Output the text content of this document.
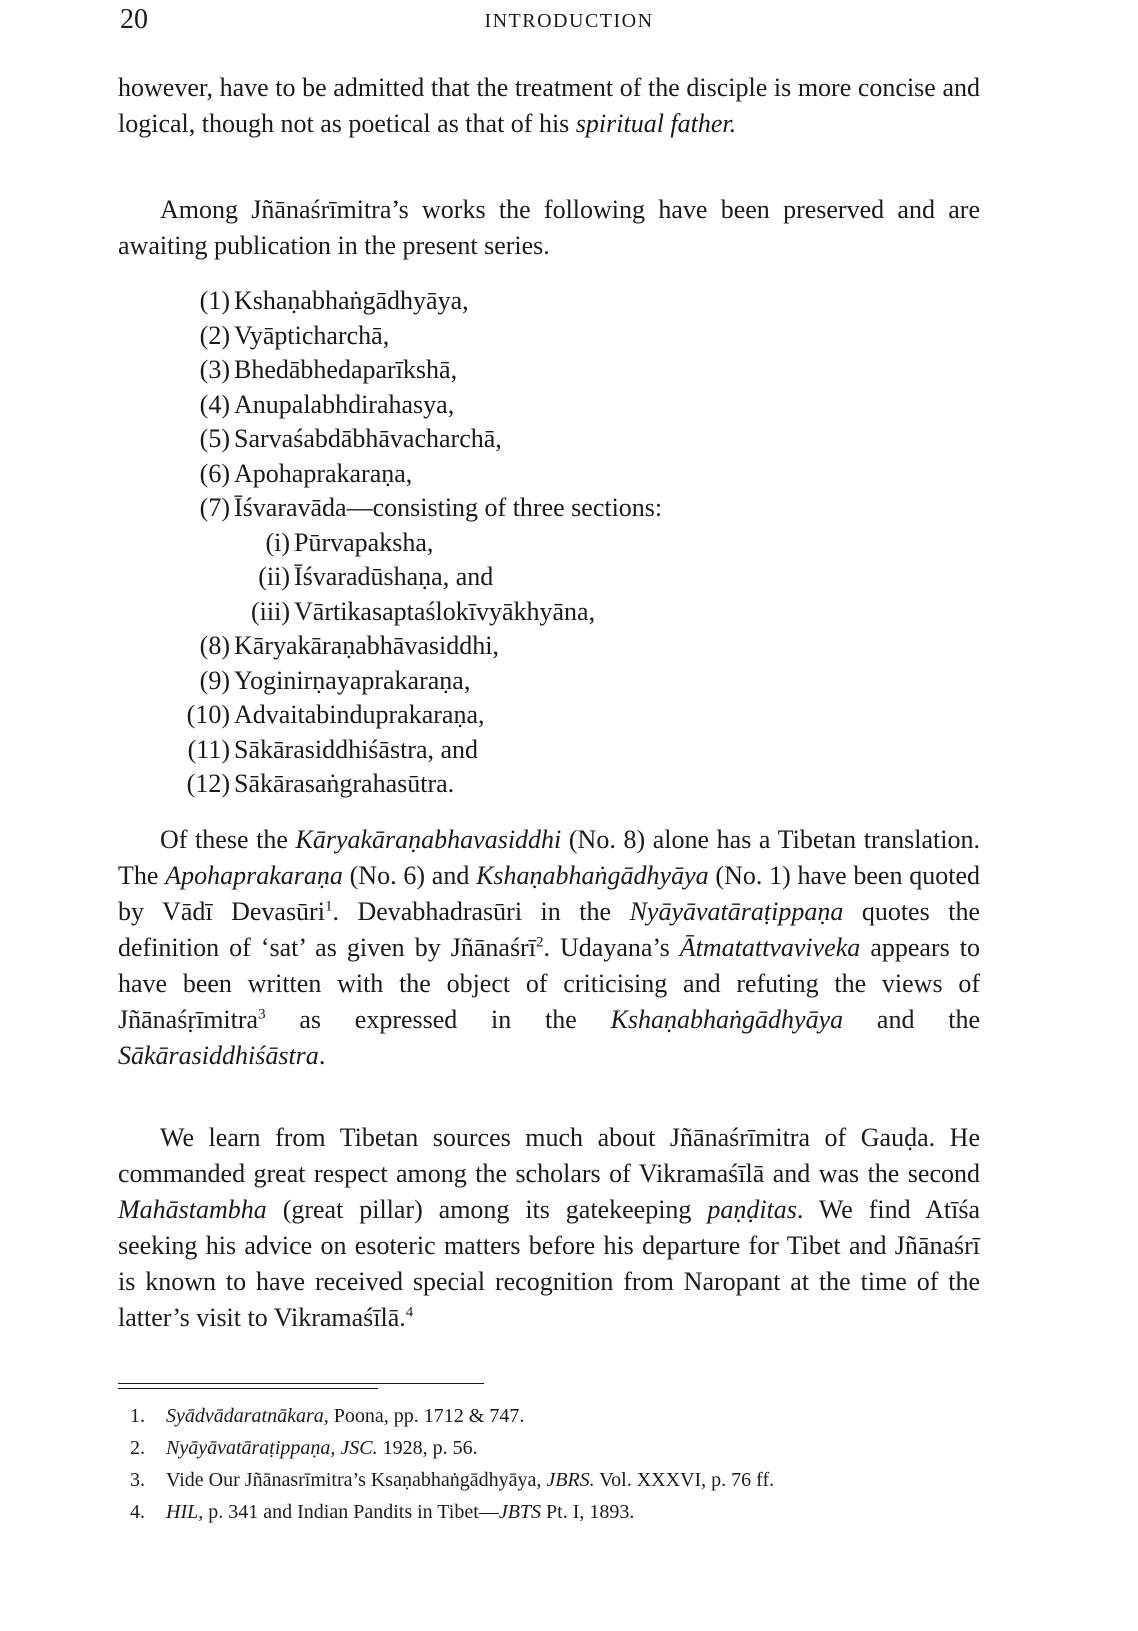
20	INTRODUCTION

however, have to be admitted that the treatment of the disciple is more concise and logical, though not as poetical as that of his spiritual father.

Among Jñānaśrīmitra’s works the following have been preserved and are awaiting publication in the present series.

(1) Kshaṇabhaṅgādhyāya,
(2) Vyāpticharchā,
(3) Bhedābhedaparīkshā,
(4) Anupalabhdirahasya,
(5) Sarvaśabdābhāvacharchā,
(6) Apohaprakaraṇa,
(7) Īśvaravāda—consisting of three sections:
(i) Pūrvapaksha,
(ii) Īśvaradūshaṇa, and
(iii) Vārtikasaptaślokīvyākhyāna,
(8) Kāryakāraṇabhāvasiddhi,
(9) Yoginirṇayaprakaraṇa,
(10) Advaitabinduprakaraṇa,
(11) Sākārasiddhiśāstra, and
(12) Sākārasaṅgrahasūtra.

Of these the Kāryakāraṇabhavasiddhi (No. 8) alone has a Tibetan translation. The Apohaprakaraṇa (No. 6) and Kshaṇabhaṅgādhyāya (No. 1) have been quoted by Vādī Devasūri$^1$. Devabhadrasūri in the Nyāyāvatāraṭippaṇa quotes the definition of ‘sat’ as given by Jñānaśrī$^2$. Udayana’s Ātmatattvaviveka appears to have been written with the object of criticising and refuting the views of Jñānaśṛīmitra$^3$ as expressed in the Kshaṇabhaṅgādhyāya and the Sākārasiddhiśāstra.

We learn from Tibetan sources much about Jñānaśrīmitra of Gauḍa. He commanded great respect among the scholars of Vikramaśīlā and was the second Mahāstambha (great pillar) among its gatekeeping paṇḍitas. We find Atīśa seeking his advice on esoteric matters before his departure for Tibet and Jñānaśrī is known to have received special recognition from Naropant at the time of the latter’s visit to Vikramaśīlā.$^4$

1. Syādvādaratnākara, Poona, pp. 1712 & 747.
2. Nyāyāvatāraṭippaṇa, JSC. 1928, p. 56.
3. Vide Our Jñānasrīmitra’s Ksaṇabhaṅgādhyāya, JBRS. Vol. XXXVI, p. 76 ff.
4. HIL, p. 341 and Indian Pandits in Tibet—JBTS Pt. I, 1893.
